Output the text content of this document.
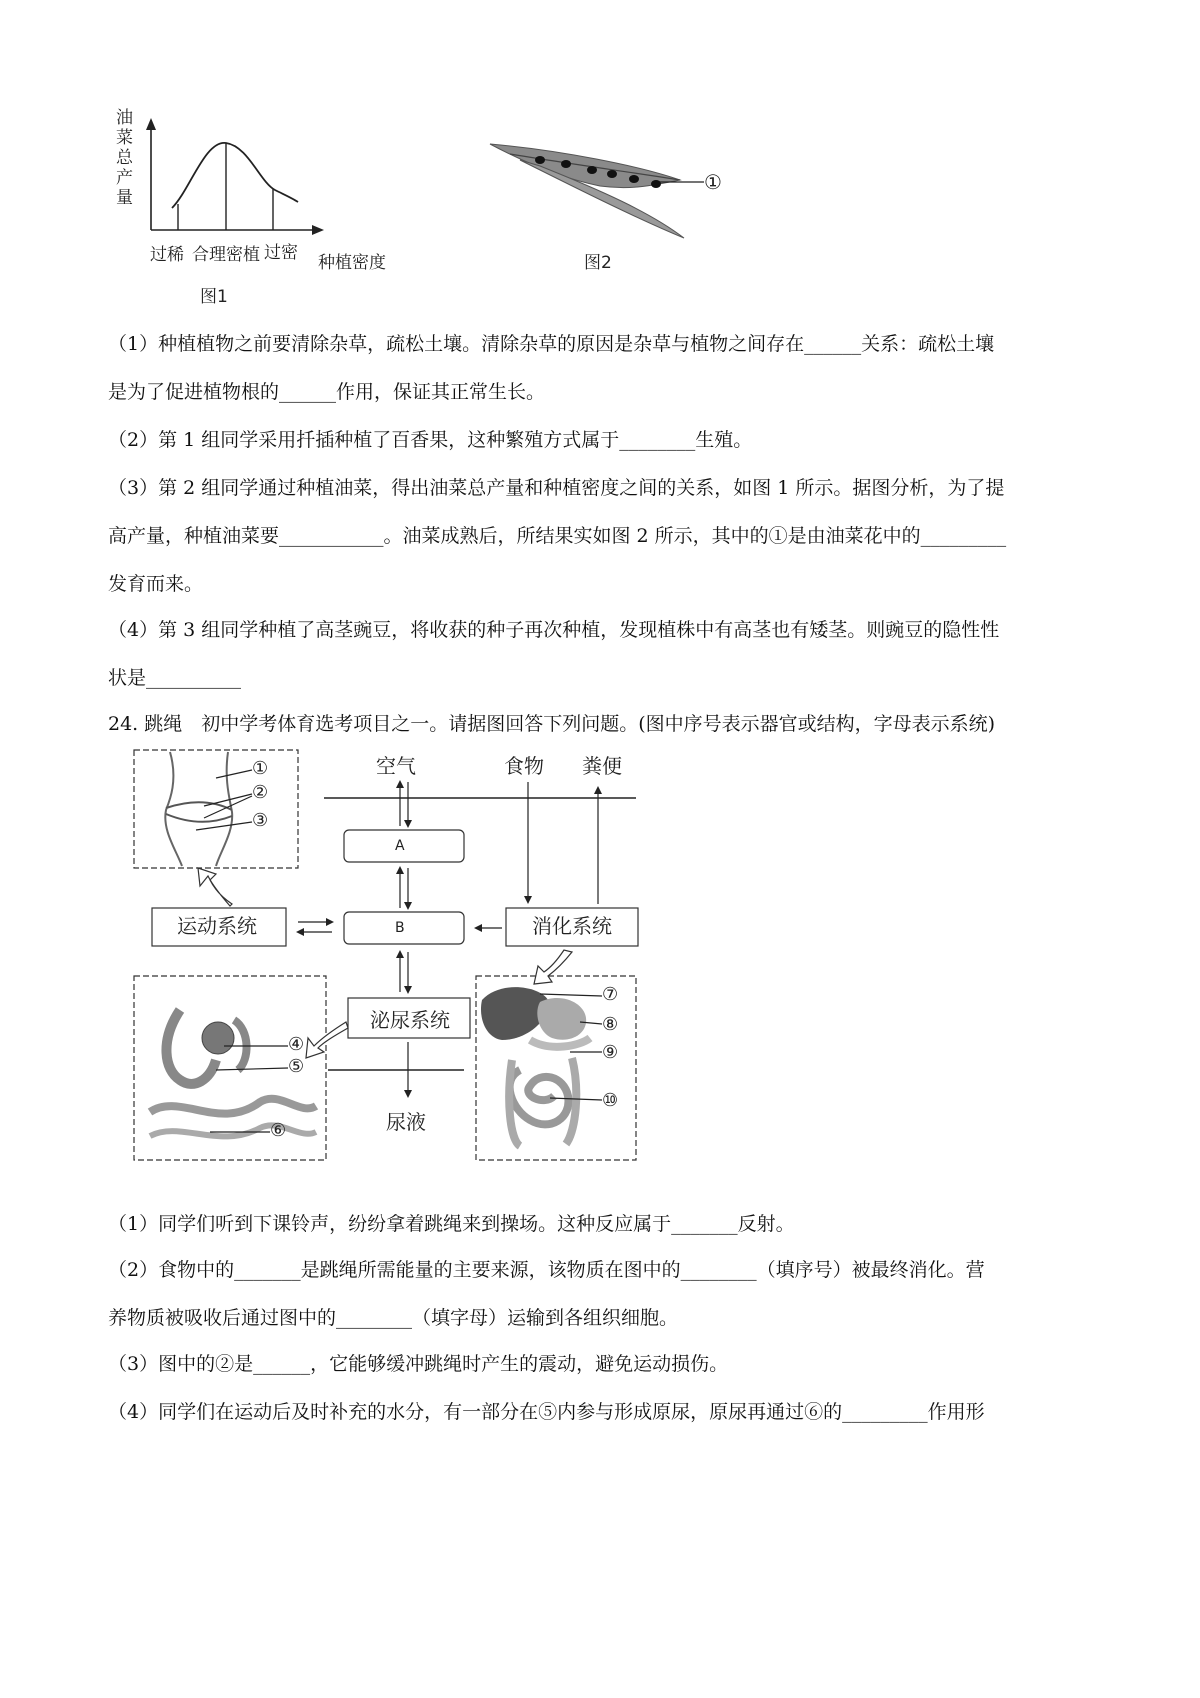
油菜总产量
过稀 合理密植 过密 种植密度
图1
①
图2
（1）种植植物之前要清除杂草，疏松土壤。清除杂草的原因是杂草与植物之间存在______关系：疏松土壤
是为了促进植物根的______作用，保证其正常生长。
（2）第 1 组同学采用扦插种植了百香果，这种繁殖方式属于________生殖。
（3）第 2 组同学通过种植油菜，得出油菜总产量和种植密度之间的关系，如图 1 所示。据图分析，为了提
高产量，种植油菜要___________。油菜成熟后，所结果实如图 2 所示，其中的①是由油菜花中的_________
发育而来。
（4）第 3 组同学种植了高茎豌豆，将收获的种子再次种植，发现植株中有高茎也有矮茎。则豌豆的隐性性
状是__________
24. 跳绳　初中学考体育选考项目之一。请据图回答下列问题。(图中序号表示器官或结构，字母表示系统)
空气	食物 粪便
A
B
运动系统	消化系统
泌尿系统
尿液
①
②
③
④
⑤
⑥
⑦
⑧
⑨
⑩
（1）同学们听到下课铃声，纷纷拿着跳绳来到操场。这种反应属于_______反射。
（2）食物中的_______是跳绳所需能量的主要来源，该物质在图中的________（填序号）被最终消化。营
养物质被吸收后通过图中的________（填字母）运输到各组织细胞。
（3）图中的②是______，它能够缓冲跳绳时产生的震动，避免运动损伤。
（4）同学们在运动后及时补充的水分，有一部分在⑤内参与形成原尿，原尿再通过⑥的_________作用形
